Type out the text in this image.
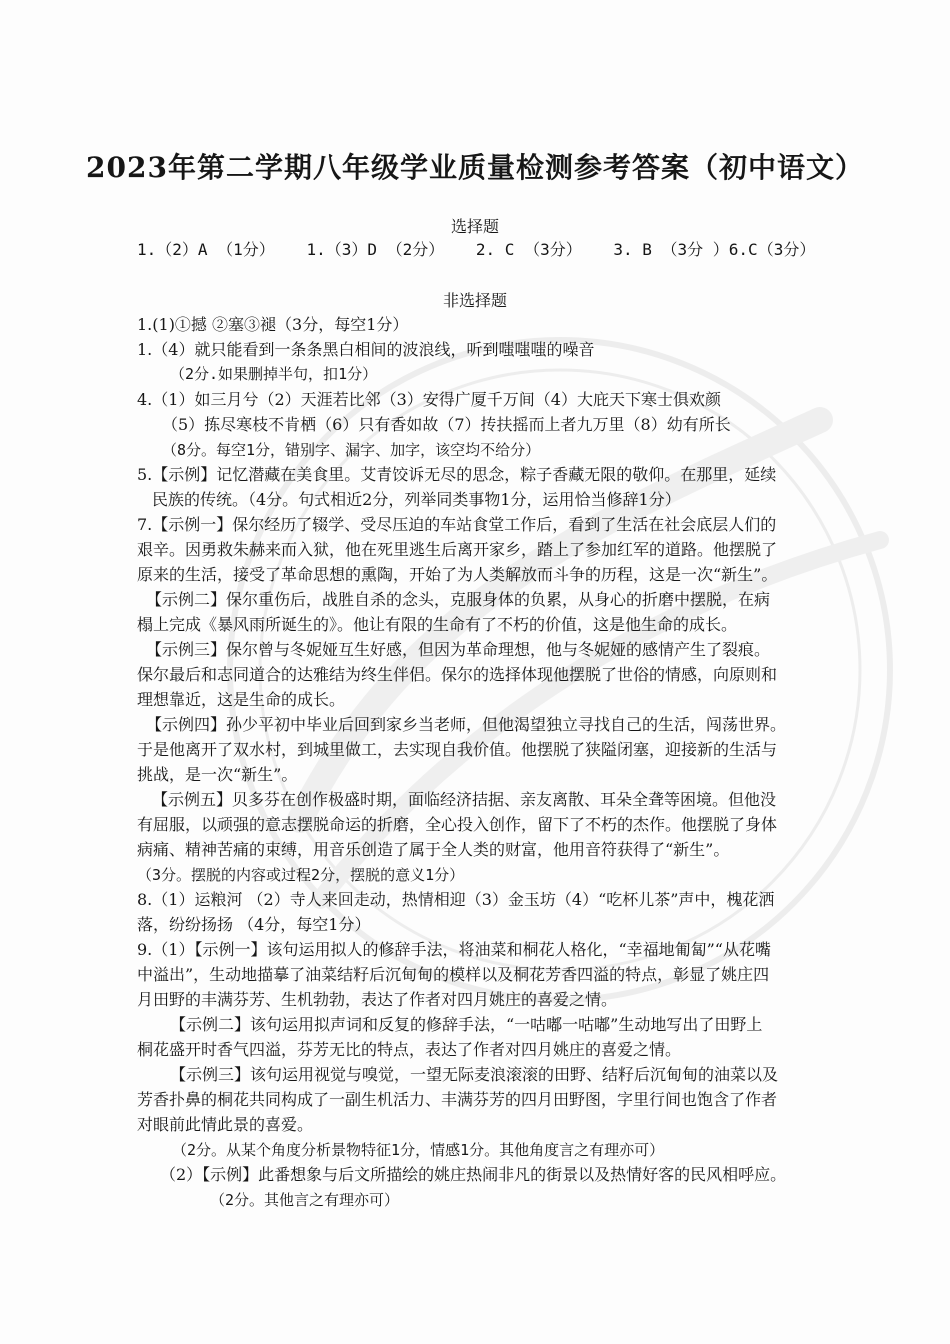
2023年第二学期八年级学业质量检测参考答案（初中语文）
选择题
1.（2）A （1分） 1.（3）D （2分） 2. C （3分） 3. B （3分 ）6.C（3分）
非选择题
1.(1)①撼 ②塞③褪（3分，每空1分）
1.（4）就只能看到一条条黑白相间的波浪线，听到嗤嗤嗤的噪音
（2分.如果删掉半句，扣1分）
4.（1）如三月兮（2）天涯若比邻（3）安得广厦千万间（4）大庇天下寒士俱欢颜
（5）拣尽寒枝不肯栖（6）只有香如故（7）抟扶摇而上者九万里（8）幼有所长
（8分。每空1分，错别字、漏字、加字，该空均不给分）
5.【示例】记忆潜藏在美食里。艾青饺诉无尽的思念，粽子香藏无限的敬仰。在那里，延续
民族的传统。（4分。句式相近2分，列举同类事物1分，运用恰当修辞1分）
7.【示例一】保尔经历了辍学、受尽压迫的车站食堂工作后，看到了生活在社会底层人们的
艰辛。因勇救朱赫来而入狱，他在死里逃生后离开家乡，踏上了参加红军的道路。他摆脱了
原来的生活，接受了革命思想的熏陶，开始了为人类解放而斗争的历程，这是一次“新生”。
【示例二】保尔重伤后，战胜自杀的念头，克服身体的负累，从身心的折磨中摆脱，在病
榻上完成《暴风雨所诞生的》。他让有限的生命有了不朽的价值，这是他生命的成长。
【示例三】保尔曾与冬妮娅互生好感，但因为革命理想，他与冬妮娅的感情产生了裂痕。
保尔最后和志同道合的达雅结为终生伴侣。保尔的选择体现他摆脱了世俗的情感，向原则和
理想靠近，这是生命的成长。
【示例四】孙少平初中毕业后回到家乡当老师，但他渴望独立寻找自己的生活，闯荡世界。
于是他离开了双水村，到城里做工，去实现自我价值。他摆脱了狭隘闭塞，迎接新的生活与
挑战，是一次“新生”。
【示例五】贝多芬在创作极盛时期，面临经济拮据、亲友离散、耳朵全聋等困境。但他没
有屈服，以顽强的意志摆脱命运的折磨，全心投入创作，留下了不朽的杰作。他摆脱了身体
病痛、精神苦痛的束缚，用音乐创造了属于全人类的财富，他用音符获得了“新生”。
（3分。摆脱的内容或过程2分，摆脱的意义1分）
8.（1）运粮河 （2）寺人来回走动，热情相迎（3）金玉坊（4）“吃杯儿茶”声中，槐花洒
落，纷纷扬扬 （4分，每空1分）
9.（1）【示例一】该句运用拟人的修辞手法，将油菜和桐花人格化，“幸福地匍匐”“从花嘴
中溢出”，生动地描摹了油菜结籽后沉甸甸的模样以及桐花芳香四溢的特点，彰显了姚庄四
月田野的丰满芬芳、生机勃勃，表达了作者对四月姚庄的喜爱之情。
【示例二】该句运用拟声词和反复的修辞手法，“一咕嘟一咕嘟”生动地写出了田野上
桐花盛开时香气四溢，芬芳无比的特点，表达了作者对四月姚庄的喜爱之情。
【示例三】该句运用视觉与嗅觉，一望无际麦浪滚滚的田野、结籽后沉甸甸的油菜以及
芳香扑鼻的桐花共同构成了一副生机活力、丰满芬芳的四月田野图，字里行间也饱含了作者
对眼前此情此景的喜爱。
（2分。从某个角度分析景物特征1分，情感1分。其他角度言之有理亦可）
（2）【示例】此番想象与后文所描绘的姚庄热闹非凡的街景以及热情好客的民风相呼应。
（2分。其他言之有理亦可）
